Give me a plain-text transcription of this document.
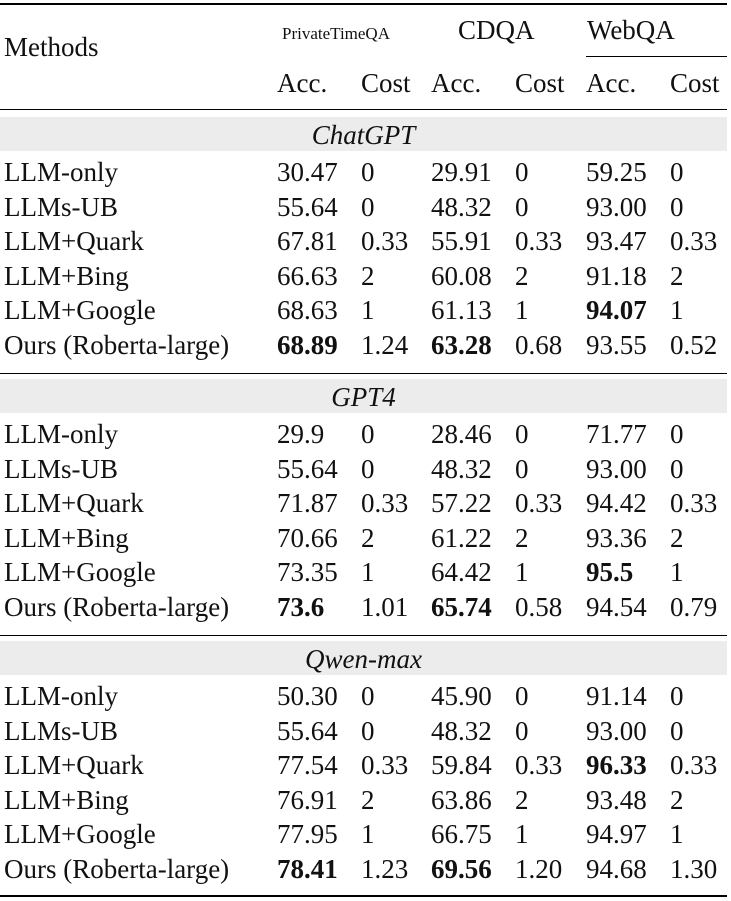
Methods	PrivateTimeQA	CDQA WebQA
Acc. Cost Acc. Cost Acc. Cost
ChatGPT
LLM-only	30.47 0 29.91 0 59.25 0
LLMs-UB	55.64 0 48.32 0 93.00 0
LLM+Quark	67.81 0.33 55.91 0.33 93.47 0.33
LLM+Bing	66.63 2 60.08 2 91.18 2
LLM+Google	68.63 1 61.13 1 94.07 1
Ours (Roberta-large) 68.89 1.24 63.28 0.68 93.55 0.52
GPT4
LLM-only	29.9 0 28.46 0 71.77 0
LLMs-UB	55.64 0 48.32 0 93.00 0
LLM+Quark	71.87 0.33 57.22 0.33 94.42 0.33
LLM+Bing	70.66 2 61.22 2 93.36 2
LLM+Google	73.35 1 64.42 1 95.5 1
Ours (Roberta-large) 73.6 1.01 65.74 0.58 94.54 0.79
Qwen-max
LLM-only	50.30 0 45.90 0 91.14 0
LLMs-UB	55.64 0 48.32 0 93.00 0
LLM+Quark	77.54 0.33 59.84 0.33 96.33 0.33
LLM+Bing	76.91 2 63.86 2 93.48 2
LLM+Google	77.95 1 66.75 1 94.97 1
Ours (Roberta-large) 78.41 1.23 69.56 1.20 94.68 1.30
